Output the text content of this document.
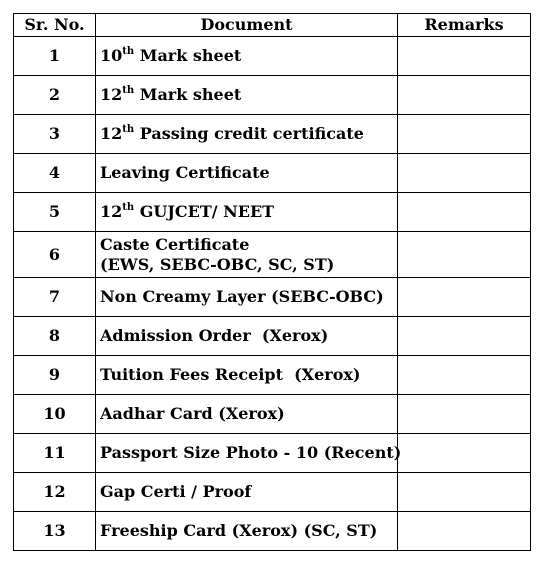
Sr. No.	Document	Remarks
1	10th Mark sheet	
2	12th Mark sheet	
3	12th Passing credit certificate	
4	Leaving Certificate	
5	12th GUJCET/ NEET	
6	Caste Certificate
(EWS, SEBC-OBC, SC, ST)	
7	Non Creamy Layer (SEBC-OBC)	
8	Admission Order  (Xerox)	
9	Tuition Fees Receipt  (Xerox)	
10	Aadhar Card (Xerox)	
11	Passport Size Photo - 10 (Recent)	
12	Gap Certi / Proof	
13	Freeship Card (Xerox) (SC, ST)	
